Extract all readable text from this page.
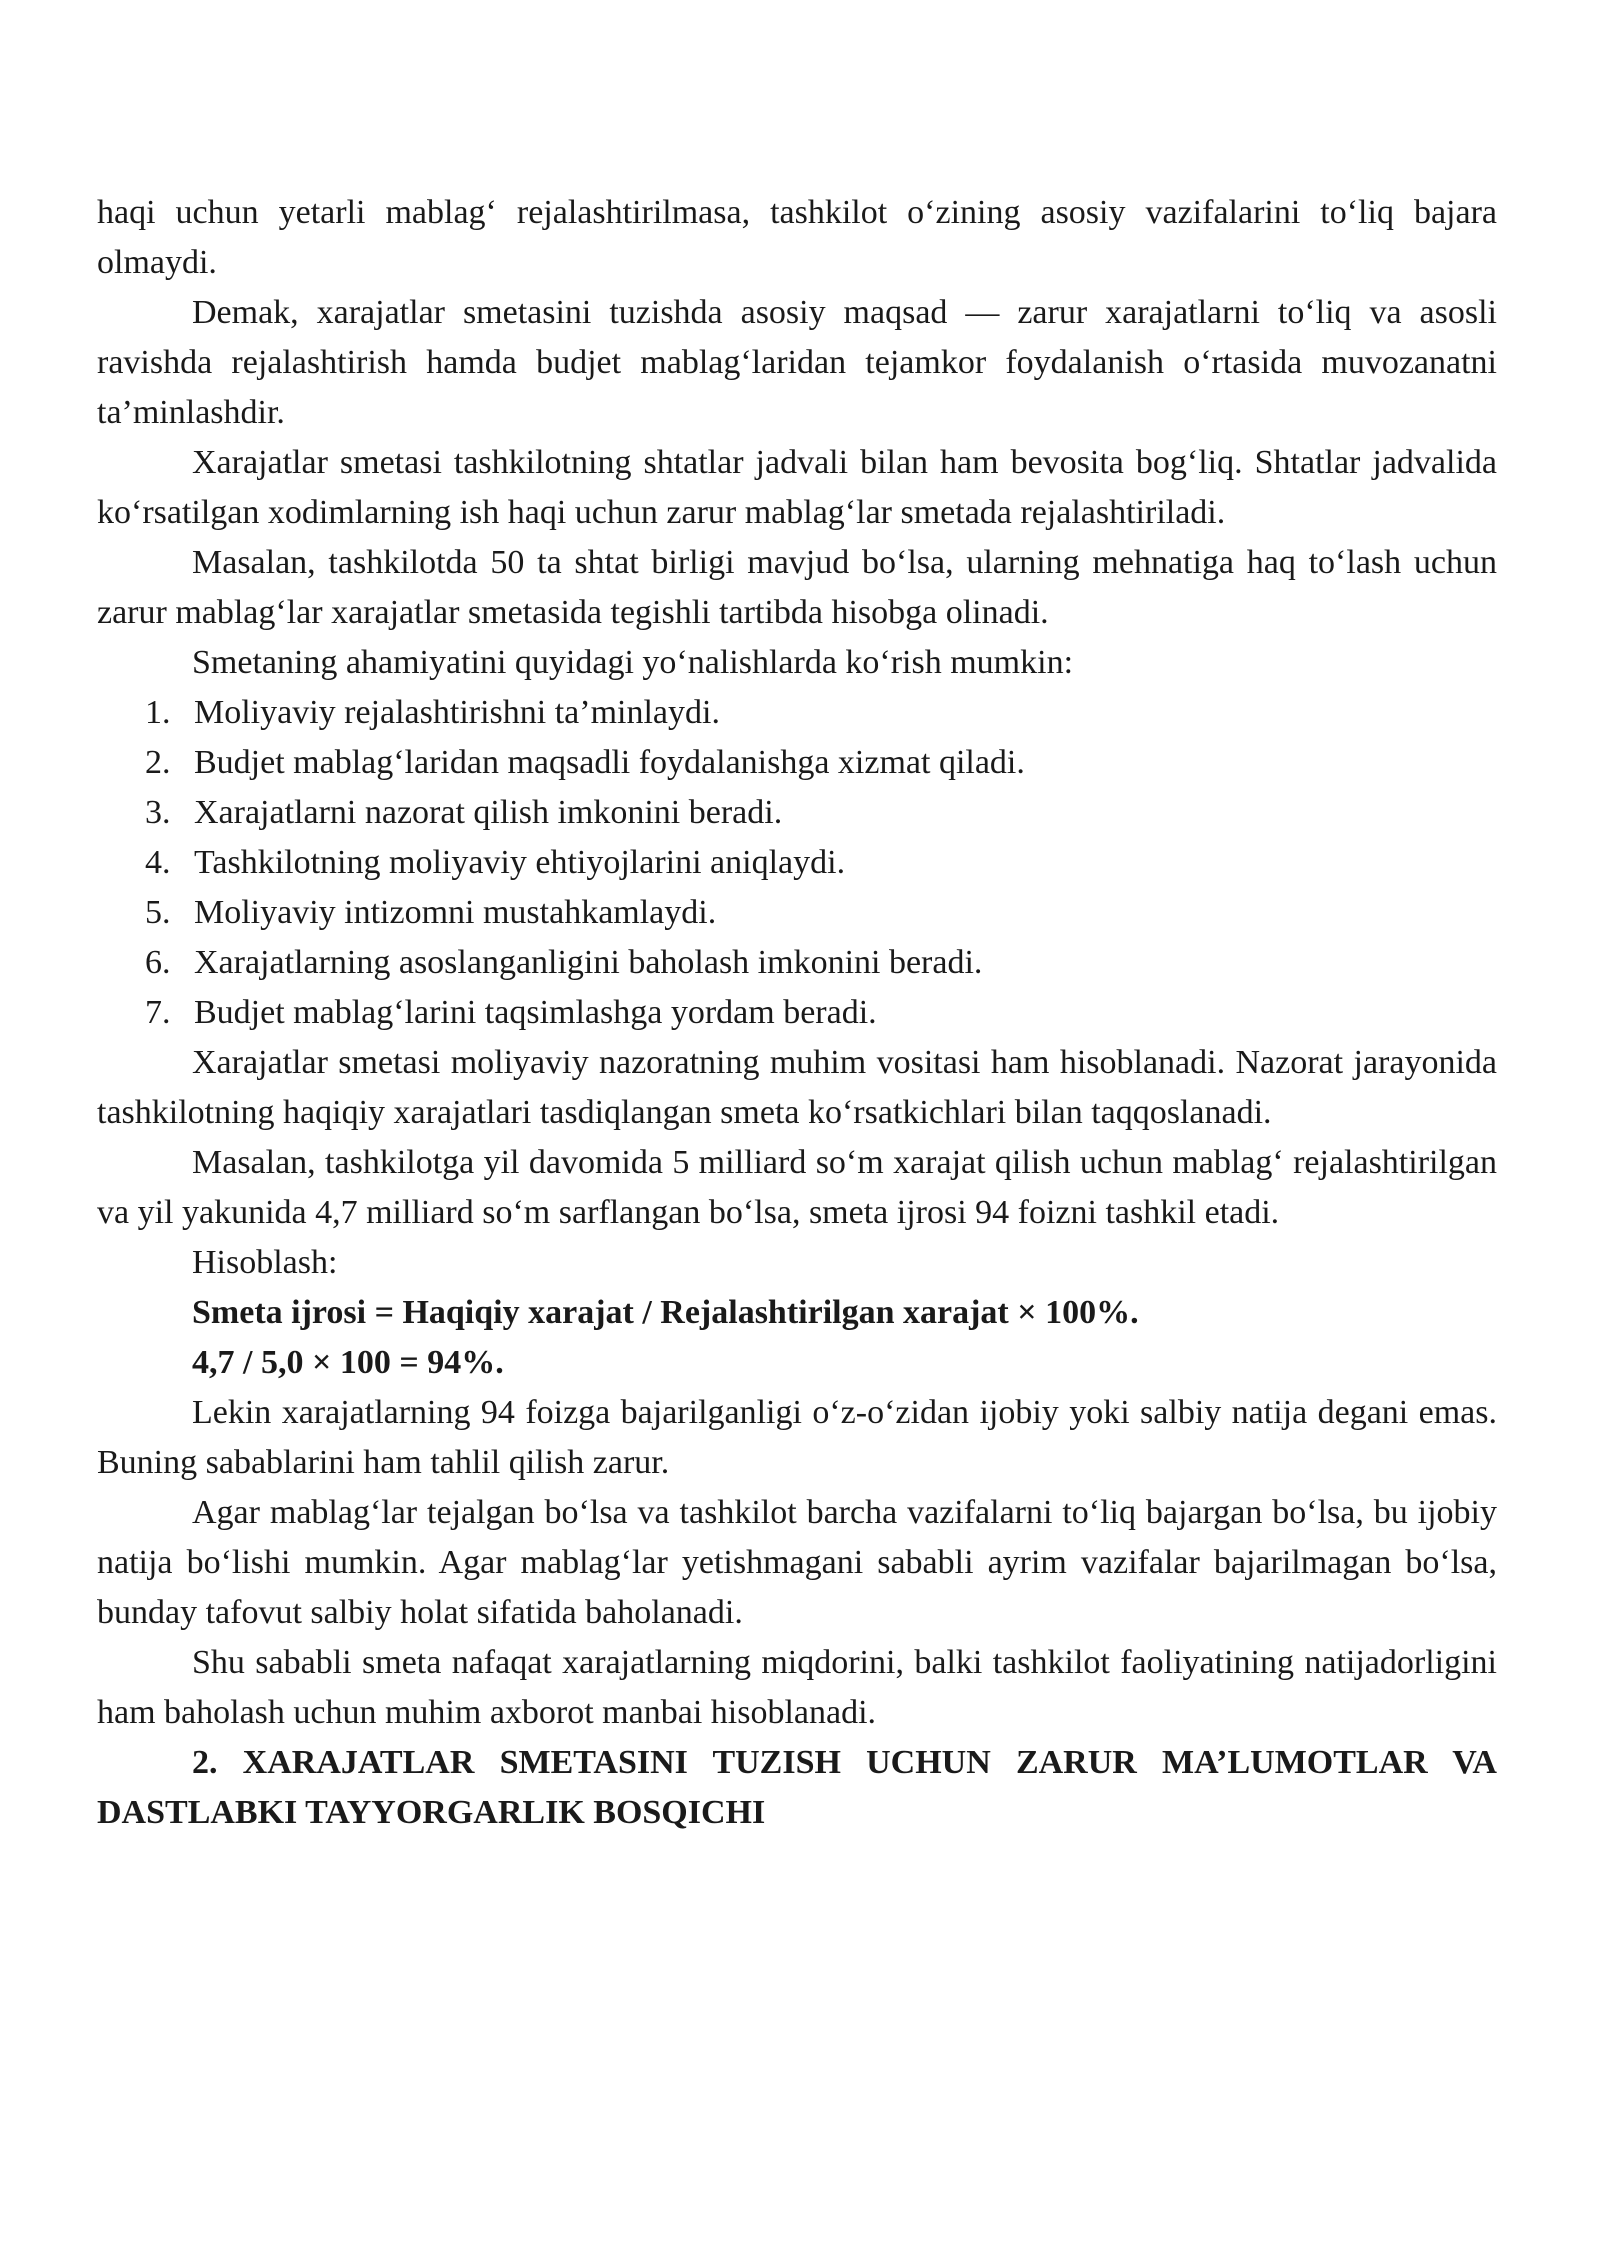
haqi uchun yetarli mablag‘ rejalashtirilmasa, tashkilot o‘zining asosiy vazifalarini to‘liq bajara olmaydi.

Demak, xarajatlar smetasini tuzishda asosiy maqsad — zarur xarajatlarni to‘liq va asosli ravishda rejalashtirish hamda budjet mablag‘laridan tejamkor foydalanish o‘rtasida muvozanatni ta’minlashdir.

Xarajatlar smetasi tashkilotning shtatlar jadvali bilan ham bevosita bog‘liq. Shtatlar jadvalida ko‘rsatilgan xodimlarning ish haqi uchun zarur mablag‘lar smetada rejalashtiriladi.

Masalan, tashkilotda 50 ta shtat birligi mavjud bo‘lsa, ularning mehnatiga haq to‘lash uchun zarur mablag‘lar xarajatlar smetasida tegishli tartibda hisobga olinadi.

Smetaning ahamiyatini quyidagi yo‘nalishlarda ko‘rish mumkin:

1. Moliyaviy rejalashtirishni ta’minlaydi.
2. Budjet mablag‘laridan maqsadli foydalanishga xizmat qiladi.
3. Xarajatlarni nazorat qilish imkonini beradi.
4. Tashkilotning moliyaviy ehtiyojlarini aniqlaydi.
5. Moliyaviy intizomni mustahkamlaydi.
6. Xarajatlarning asoslanganligini baholash imkonini beradi.
7. Budjet mablag‘larini taqsimlashga yordam beradi.

Xarajatlar smetasi moliyaviy nazoratning muhim vositasi ham hisoblanadi. Nazorat jarayonida tashkilotning haqiqiy xarajatlari tasdiqlangan smeta ko‘rsatkichlari bilan taqqoslanadi.

Masalan, tashkilotga yil davomida 5 milliard so‘m xarajat qilish uchun mablag‘ rejalashtirilgan va yil yakunida 4,7 milliard so‘m sarflangan bo‘lsa, smeta ijrosi 94 foizni tashkil etadi.

Hisoblash:

Smeta ijrosi = Haqiqiy xarajat / Rejalashtirilgan xarajat × 100%.

4,7 / 5,0 × 100 = 94%.

Lekin xarajatlarning 94 foizga bajarilganligi o‘z-o‘zidan ijobiy yoki salbiy natija degani emas. Buning sabablarini ham tahlil qilish zarur.

Agar mablag‘lar tejalgan bo‘lsa va tashkilot barcha vazifalarni to‘liq bajargan bo‘lsa, bu ijobiy natija bo‘lishi mumkin. Agar mablag‘lar yetishmagani sababli ayrim vazifalar bajarilmagan bo‘lsa, bunday tafovut salbiy holat sifatida baholanadi.

Shu sababli smeta nafaqat xarajatlarning miqdorini, balki tashkilot faoliyatining natijadorligini ham baholash uchun muhim axborot manbai hisoblanadi.

2. XARAJATLAR SMETASINI TUZISH UCHUN ZARUR MA’LUMOTLAR VA DASTLABKI TAYYORGARLIK BOSQICHI
